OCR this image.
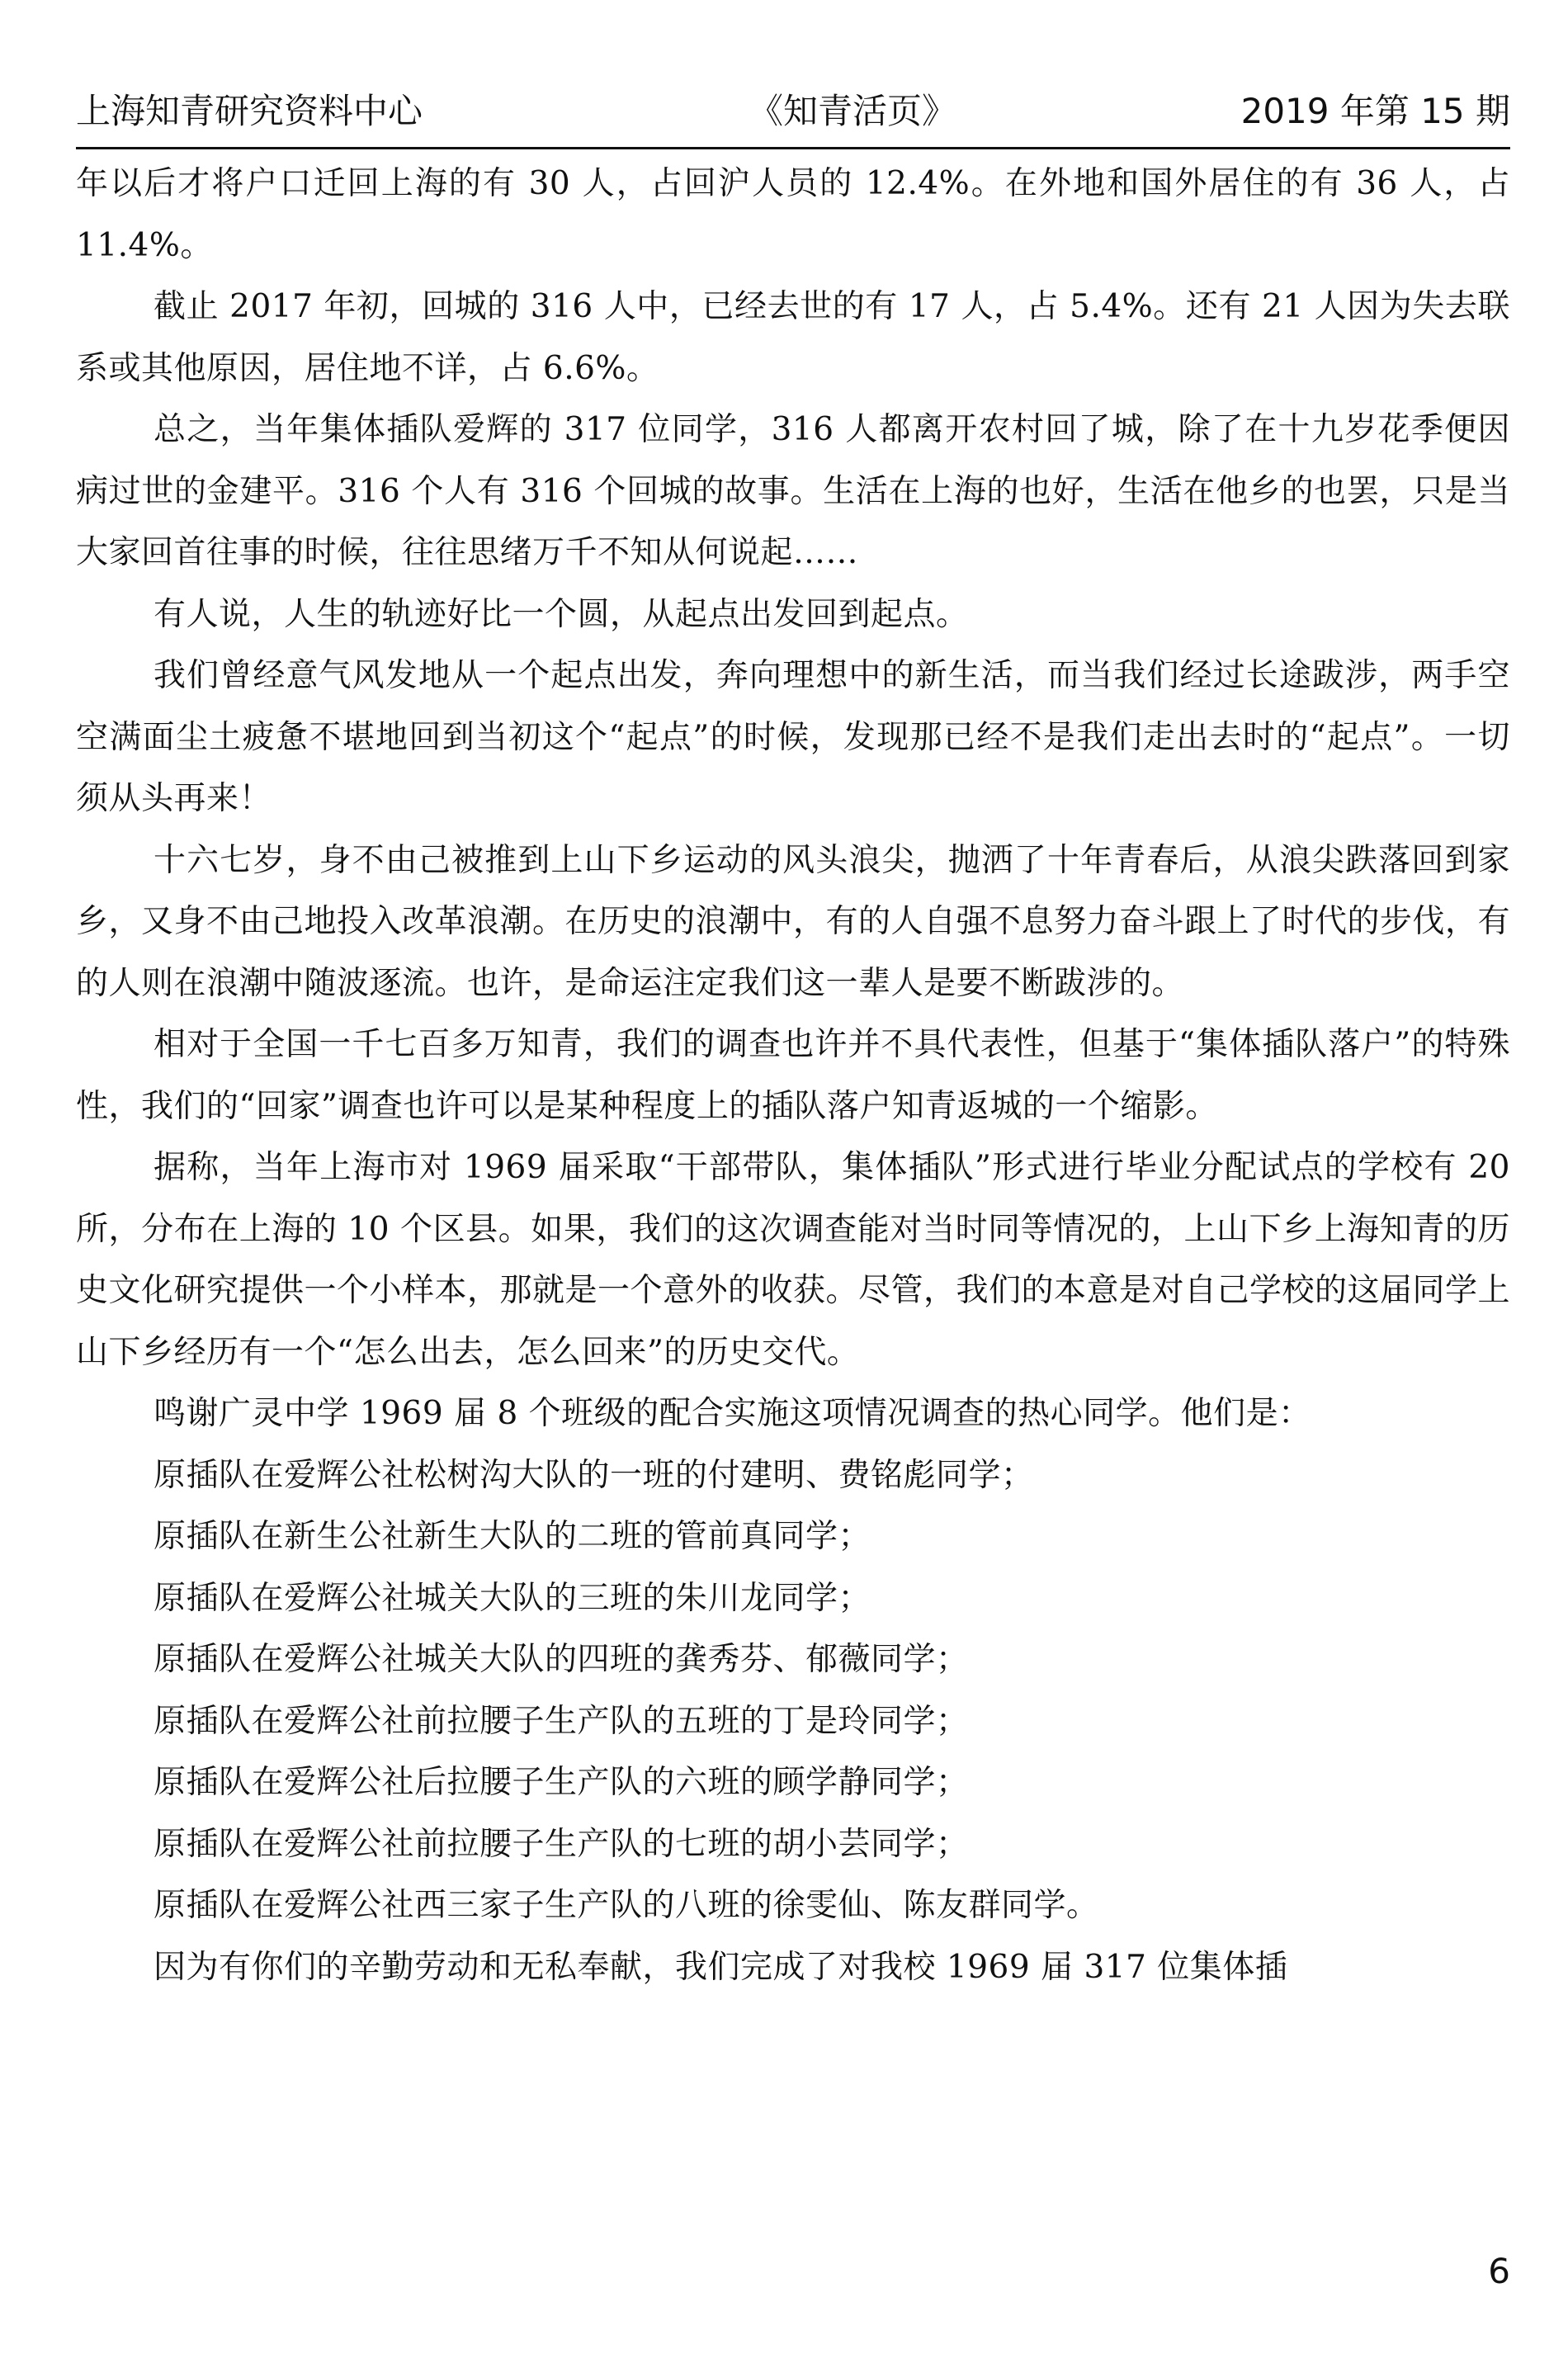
上海知青研究资料中心	《知青活页》	2019 年第 15 期

年以后才将户口迁回上海的有 30 人，占回沪人员的 12.4%。在外地和国外居住的有 36 人，占 11.4%。

截止 2017 年初，回城的 316 人中，已经去世的有 17 人，占 5.4%。还有 21 人因为失去联系或其他原因，居住地不详，占 6.6%。

总之，当年集体插队爱辉的 317 位同学，316 人都离开农村回了城，除了在十九岁花季便因病过世的金建平。316 个人有 316 个回城的故事。生活在上海的也好，生活在他乡的也罢，只是当大家回首往事的时候，往往思绪万千不知从何说起……

有人说，人生的轨迹好比一个圆，从起点出发回到起点。

我们曾经意气风发地从一个起点出发，奔向理想中的新生活，而当我们经过长途跋涉，两手空空满面尘土疲惫不堪地回到当初这个“起点”的时候，发现那已经不是我们走出去时的“起点”。一切须从头再来！

十六七岁，身不由己被推到上山下乡运动的风头浪尖，抛洒了十年青春后，从浪尖跌落回到家乡，又身不由己地投入改革浪潮。在历史的浪潮中，有的人自强不息努力奋斗跟上了时代的步伐，有的人则在浪潮中随波逐流。也许，是命运注定我们这一辈人是要不断跋涉的。

相对于全国一千七百多万知青，我们的调查也许并不具代表性，但基于“集体插队落户”的特殊性，我们的“回家”调查也许可以是某种程度上的插队落户知青返城的一个缩影。

据称，当年上海市对 1969 届采取“干部带队，集体插队”形式进行毕业分配试点的学校有 20 所，分布在上海的 10 个区县。如果，我们的这次调查能对当时同等情况的，上山下乡上海知青的历史文化研究提供一个小样本，那就是一个意外的收获。尽管，我们的本意是对自己学校的这届同学上山下乡经历有一个“怎么出去，怎么回来”的历史交代。

鸣谢广灵中学 1969 届 8 个班级的配合实施这项情况调查的热心同学。他们是：

原插队在爱辉公社松树沟大队的一班的付建明、费铭彪同学；

原插队在新生公社新生大队的二班的管前真同学；

原插队在爱辉公社城关大队的三班的朱川龙同学；

原插队在爱辉公社城关大队的四班的龚秀芬、郁薇同学；

原插队在爱辉公社前拉腰子生产队的五班的丁是玲同学；

原插队在爱辉公社后拉腰子生产队的六班的顾学静同学；

原插队在爱辉公社前拉腰子生产队的七班的胡小芸同学；

原插队在爱辉公社西三家子生产队的八班的徐雯仙、陈友群同学。

因为有你们的辛勤劳动和无私奉献，我们完成了对我校 1969 届 317 位集体插

6
